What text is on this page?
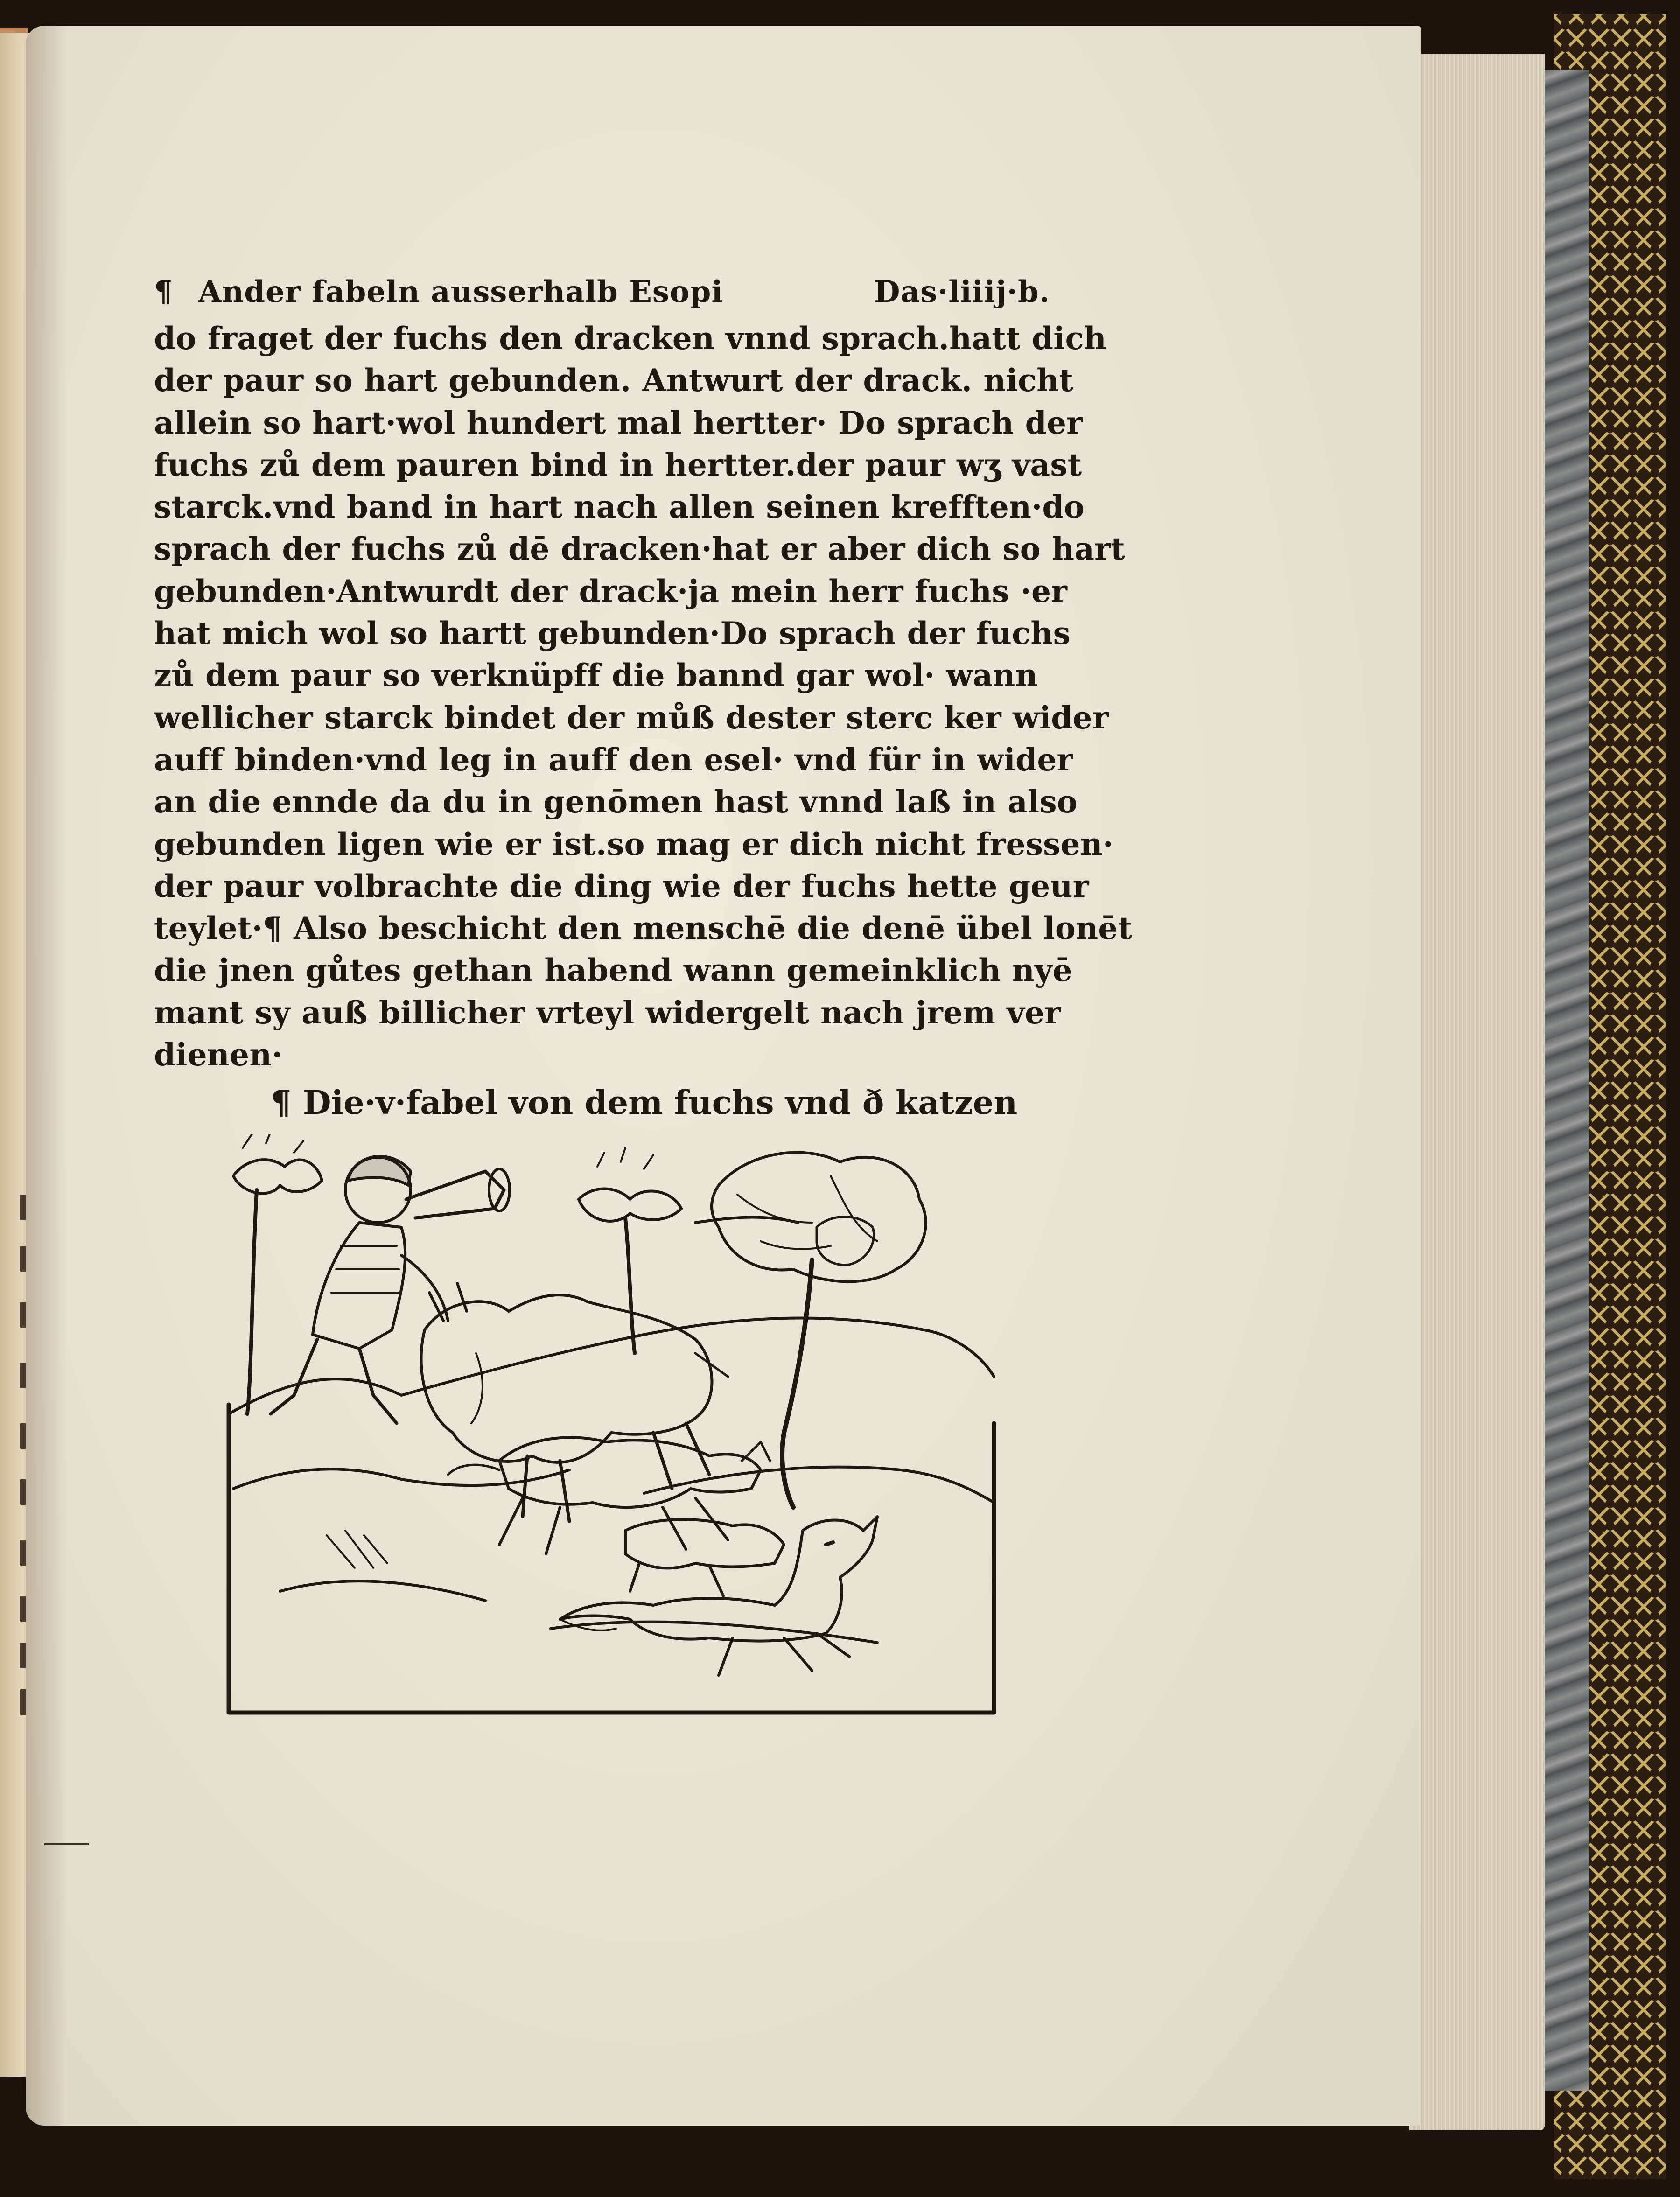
¶ Ander fabeln ausserhalb Esopi	Das·liiij·b.
do fraget der fuchs den dracken vnnd sprach.hatt dich
der paur so hart gebunden. Antwurt der drack. nicht
allein so hart·wol hundert mal hertter· Do sprach der
fuchs zů dem pauren bind in hertter.der paur wʒ vast
starck.vnd band in hart nach allen seinen krefften·do
sprach der fuchs zů dē dracken·hat er aber dich so hart
gebunden·Antwurdt der drack·ja mein herr fuchs ·er
hat mich wol so hartt gebunden·Do sprach der fuchs
zů dem paur so verknüpff die bannd gar wol· wann
wellicher starck bindet der můß dester sterc ker wider
auff binden·vnd leg in auff den esel· vnd für in wider
an die ennde da du in genōmen hast vnnd laß in also
gebunden ligen wie er ist.so mag er dich nicht fressen·
der paur volbrachte die ding wie der fuchs hette geur
teylet·¶ Also beschicht den menschē die denē übel lonēt
die jnen gůtes gethan habend wann gemeinklich nyē
mant sy auß billicher vrteyl widergelt nach jrem ver
dienen·
¶ Die·v·fabel von dem fuchs vnd ð katzen
